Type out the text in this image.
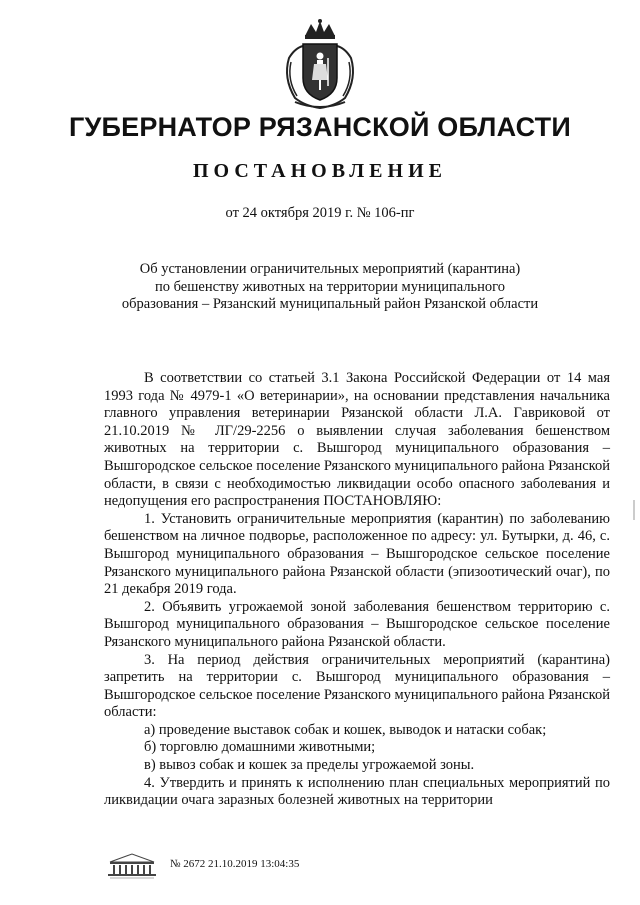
ГУБЕРНАТОР РЯЗАНСКОЙ ОБЛАСТИ
ПОСТАНОВЛЕНИЕ
от 24 октября 2019 г. № 106-пг
Об установлении ограничительных мероприятий (карантина)
по бешенству животных на территории муниципального
образования – Рязанский муниципальный район Рязанской области

В соответствии со статьей 3.1 Закона Российской Федерации от 14 мая 1993 года № 4979-1 «О ветеринарии», на основании представления начальника главного управления ветеринарии Рязанской области Л.А. Гавриковой от 21.10.2019 № ЛГ/29-2256 о выявлении случая заболевания бешенством животных на территории с. Вышгород муниципального образования – Вышгородское сельское поселение Рязанского муниципального района Рязанской области, в связи с необходимостью ликвидации особо опасного заболевания и недопущения его распространения ПОСТАНОВЛЯЮ:

1. Установить ограничительные мероприятия (карантин) по заболеванию бешенством на личное подворье, расположенное по адресу: ул. Бутырки, д. 46, с. Вышгород муниципального образования – Вышгородское сельское поселение Рязанского муниципального района Рязанской области (эпизоотический очаг), по 21 декабря 2019 года.

2. Объявить угрожаемой зоной заболевания бешенством территорию с. Вышгород муниципального образования – Вышгородское сельское поселение Рязанского муниципального района Рязанской области.

3. На период действия ограничительных мероприятий (карантина) запретить на территории с. Вышгород муниципального образования – Вышгородское сельское поселение Рязанского муниципального района Рязанской области:

а) проведение выставок собак и кошек, выводок и натаски собак;

б) торговлю домашними животными;

в) вывоз собак и кошек за пределы угрожаемой зоны.

4. Утвердить и принять к исполнению план специальных мероприятий по ликвидации очага заразных болезней животных на территории

№ 2672 21.10.2019 13:04:35
